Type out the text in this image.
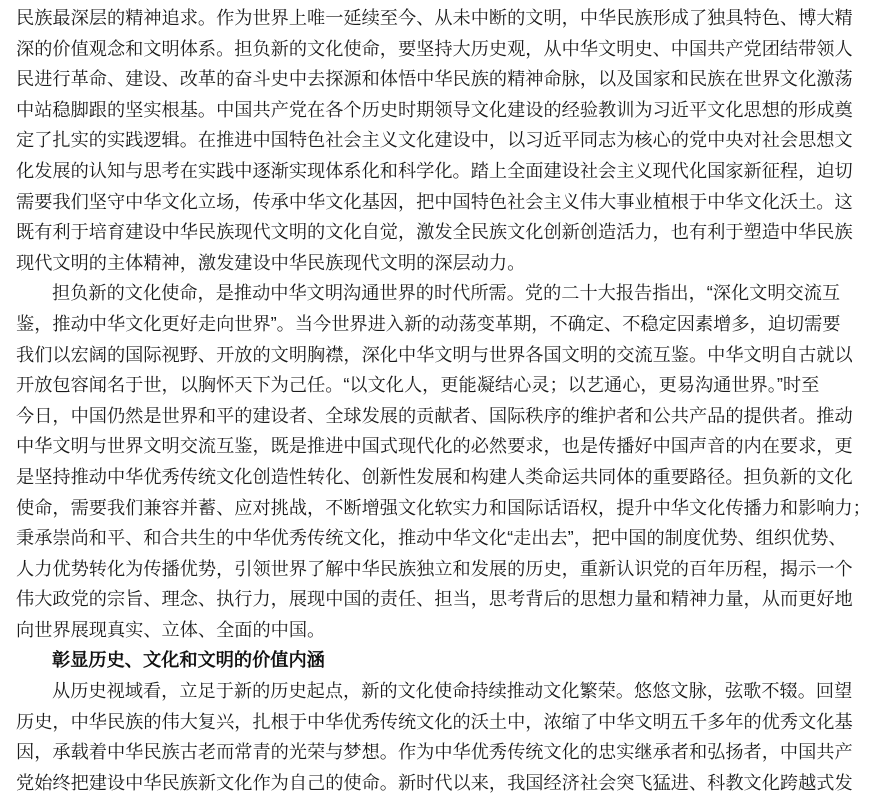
民族最深层的精神追求。作为世界上唯一延续至今、从未中断的文明，中华民族形成了独具特色、博大精
深的价值观念和文明体系。担负新的文化使命，要坚持大历史观，从中华文明史、中国共产党团结带领人
民进行革命、建设、改革的奋斗史中去探源和体悟中华民族的精神命脉，以及国家和民族在世界文化激荡
中站稳脚跟的坚实根基。中国共产党在各个历史时期领导文化建设的经验教训为习近平文化思想的形成奠
定了扎实的实践逻辑。在推进中国特色社会主义文化建设中，以习近平同志为核心的党中央对社会思想文
化发展的认知与思考在实践中逐渐实现体系化和科学化。踏上全面建设社会主义现代化国家新征程，迫切
需要我们坚守中华文化立场，传承中华文化基因，把中国特色社会主义伟大事业植根于中华文化沃土。这
既有利于培育建设中华民族现代文明的文化自觉，激发全民族文化创新创造活力，也有利于塑造中华民族
现代文明的主体精神，激发建设中华民族现代文明的深层动力。
担负新的文化使命，是推动中华文明沟通世界的时代所需。党的二十大报告指出，“深化文明交流互
鉴，推动中华文化更好走向世界”。当今世界进入新的动荡变革期，不确定、不稳定因素增多，迫切需要
我们以宏阔的国际视野、开放的文明胸襟，深化中华文明与世界各国文明的交流互鉴。中华文明自古就以
开放包容闻名于世，以胸怀天下为己任。“以文化人，更能凝结心灵；以艺通心，更易沟通世界。”时至
今日，中国仍然是世界和平的建设者、全球发展的贡献者、国际秩序的维护者和公共产品的提供者。推动
中华文明与世界文明交流互鉴，既是推进中国式现代化的必然要求，也是传播好中国声音的内在要求，更
是坚持推动中华优秀传统文化创造性转化、创新性发展和构建人类命运共同体的重要路径。担负新的文化
使命，需要我们兼容并蓄、应对挑战，不断增强文化软实力和国际话语权，提升中华文化传播力和影响力；
秉承崇尚和平、和合共生的中华优秀传统文化，推动中华文化“走出去”，把中国的制度优势、组织优势、
人力优势转化为传播优势，引领世界了解中华民族独立和发展的历史，重新认识党的百年历程，揭示一个
伟大政党的宗旨、理念、执行力，展现中国的责任、担当，思考背后的思想力量和精神力量，从而更好地
向世界展现真实、立体、全面的中国。
彰显历史、文化和文明的价值内涵
从历史视域看，立足于新的历史起点，新的文化使命持续推动文化繁荣。悠悠文脉，弦歌不辍。回望
历史，中华民族的伟大复兴，扎根于中华优秀传统文化的沃土中，浓缩了中华文明五千多年的优秀文化基
因，承载着中华民族古老而常青的光荣与梦想。作为中华优秀传统文化的忠实继承者和弘扬者，中国共产
党始终把建设中华民族新文化作为自己的使命。新时代以来，我国经济社会突飞猛进、科教文化跨越式发
